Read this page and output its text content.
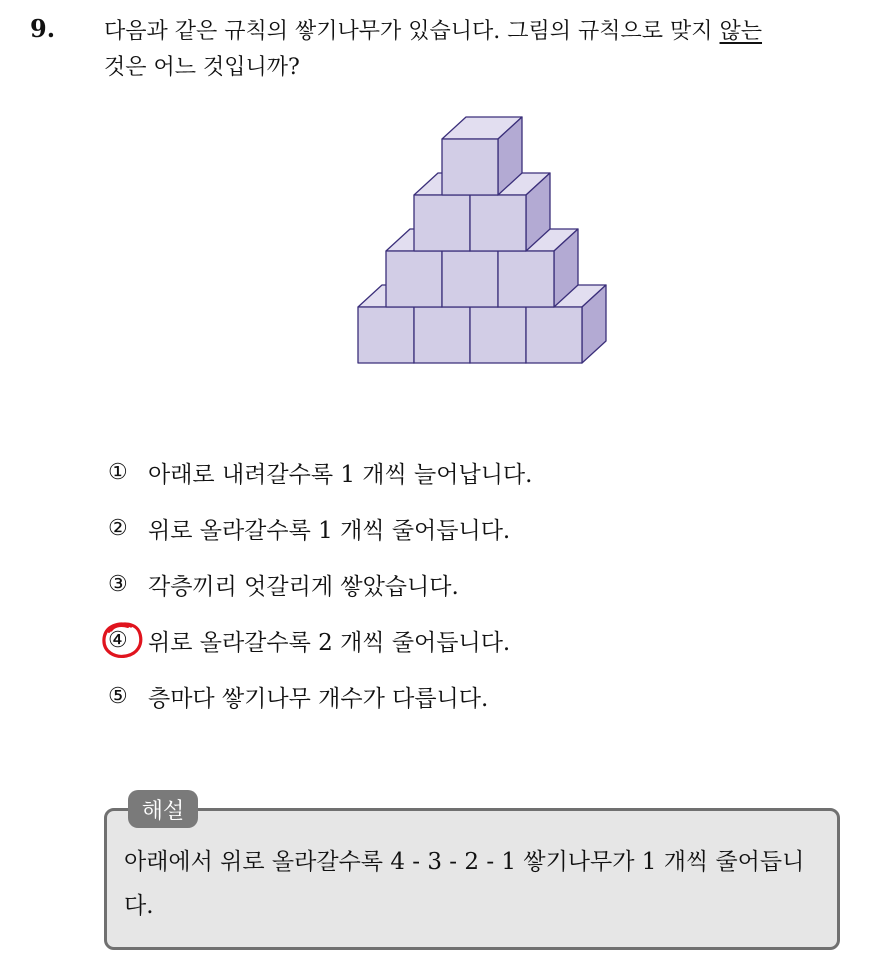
9. 다음과 같은 규칙의 쌓기나무가 있습니다. 그림의 규칙으로 맞지 않는
것은 어느 것입니까?
① 아래로 내려갈수록 1 개씩 늘어납니다.
② 위로 올라갈수록 1 개씩 줄어듭니다.
③ 각층끼리 엇갈리게 쌓았습니다.
④ 위로 올라갈수록 2 개씩 줄어듭니다.
⑤ 층마다 쌓기나무 개수가 다릅니다.
해설
아래에서 위로 올라갈수록 4 - 3 - 2 - 1 쌓기나무가 1 개씩 줄어듭니다.
